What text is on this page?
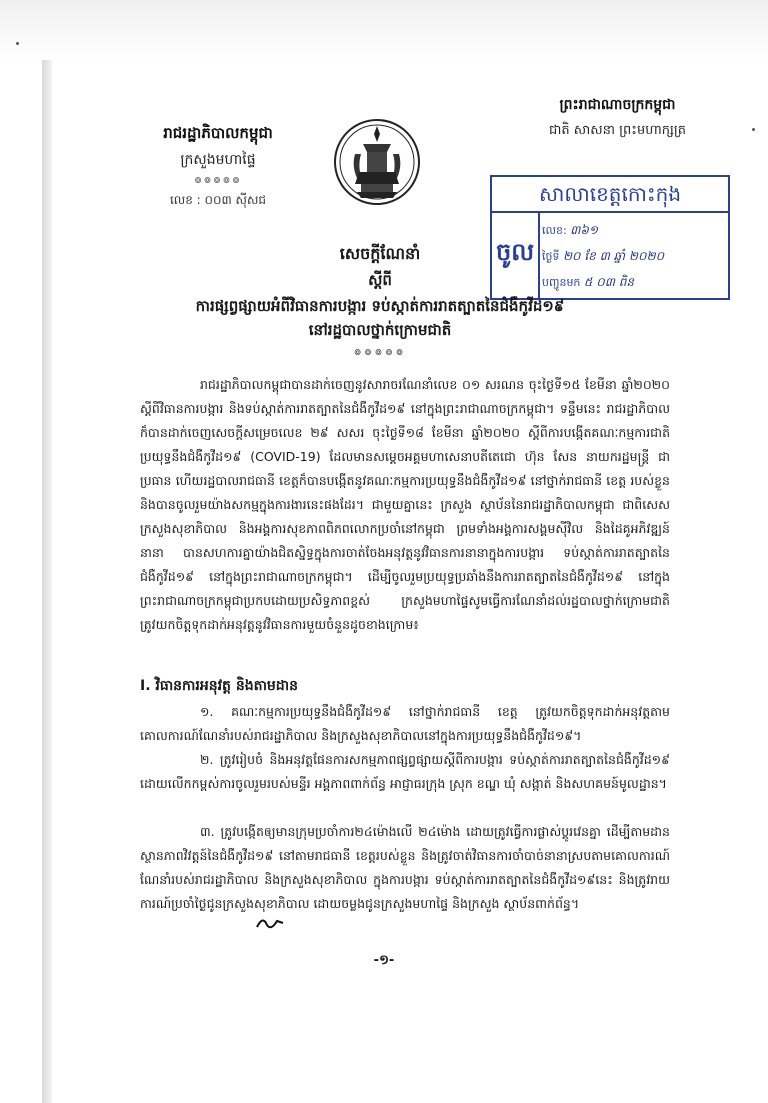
រាជរដ្ឋាភិបាលកម្ពុជា
ក្រសួងមហាផ្ទៃ
៙៙៙៙៙
លេខ : ០០៣ ស៊ីសជ
ព្រះរាជាណាចក្រកម្ពុជា
ជាតិ សាសនា ព្រះមហាក្សត្រ
សាលាខេត្តកោះកុង
ចូល
លេខ: ៣៦១
ថ្ងៃទី ២០ ខែ ៣ ឆ្នាំ ២០២០
បញ្ជូនមក ៥ ០៣ ពិន
សេចក្តីណែនាំ
ស្តីពី
ការផ្សព្វផ្សាយអំពីវិធានការបង្ការ ទប់ស្កាត់ការរាតត្បាតនៃជំងឺកូវីដ១៩
នៅរដ្ឋបាលថ្នាក់ក្រោមជាតិ
៙៙៙៙៙
រាជរដ្ឋាភិបាលកម្ពុជាបានដាក់ចេញនូវសារាចរណែនាំលេខ ០១ សរណន ចុះថ្ងៃទី១៥ ខែមីនា ឆ្នាំ២០២០ ស្តីពីវិធានការបង្ការ និងទប់ស្កាត់ការរាតត្បាតនៃជំងឺកូវីដ១៩ នៅក្នុងព្រះរាជាណាចក្រកម្ពុជា។ ទន្ទឹមនេះ រាជរដ្ឋាភិបាលក៏បានដាក់ចេញសេចក្តីសម្រេចលេខ ២៩ សសរ ចុះថ្ងៃទី១៨ ខែមីនា ឆ្នាំ២០២០ ស្តីពីការបង្កើតគណៈកម្មការជាតិប្រយុទ្ធនឹងជំងឺកូវីដ១៩ (COVID-19) ដែលមានសម្តេចអគ្គមហាសេនាបតីតេជោ ហ៊ុន សែន នាយករដ្ឋមន្ត្រី ជាប្រធាន ហើយរដ្ឋបាលរាជធានី ខេត្តក៏បានបង្កើតនូវគណៈកម្មការប្រយុទ្ធនឹងជំងឺកូវីដ១៩ នៅថ្នាក់រាជធានី ខេត្ត របស់ខ្លួន និងបានចូលរួមយ៉ាងសកម្មក្នុងការងារនេះផងដែរ។ ជាមួយគ្នានេះ ក្រសួង ស្ថាប័ននៃរាជរដ្ឋាភិបាលកម្ពុជា ជាពិសេសក្រសួងសុខាភិបាល និងអង្គការសុខភាពពិភពលោកប្រចាំនៅកម្ពុជា ព្រមទាំងអង្គការសង្គមស៊ីវិល និងដៃគូអភិវឌ្ឍន៍នានា បានសហការគ្នាយ៉ាងជិតស្និទ្ធក្នុងការចាត់ចែងអនុវត្តនូវវិធានការនានាក្នុងការបង្ការ ទប់ស្កាត់ការរាតត្បាតនៃជំងឺកូវីដ១៩ នៅក្នុងព្រះរាជាណាចក្រកម្ពុជា។ ដើម្បីចូលរួមប្រយុទ្ធប្រឆាំងនឹងការរាតត្បាតនៃជំងឺកូវីដ១៩ នៅក្នុងព្រះរាជាណាចក្រកម្ពុជាប្រកបដោយប្រសិទ្ធភាពខ្ពស់ ក្រសួងមហាផ្ទៃសូមធ្វើការណែនាំដល់រដ្ឋបាលថ្នាក់ក្រោមជាតិត្រូវយកចិត្តទុកដាក់អនុវត្តនូវវិធានការមួយចំនួនដូចខាងក្រោម៖
I. វិធានការអនុវត្ត និងតាមដាន
១. គណៈកម្មការប្រយុទ្ធនឹងជំងឺកូវីដ១៩ នៅថ្នាក់រាជធានី ខេត្ត ត្រូវយកចិត្តទុកដាក់អនុវត្តតាមគោលការណ៍ណែនាំរបស់រាជរដ្ឋាភិបាល និងក្រសួងសុខាភិបាលនៅក្នុងការប្រយុទ្ធនឹងជំងឺកូវីដ១៩។
២. ត្រូវរៀបចំ និងអនុវត្តផែនការសកម្មភាពផ្សព្វផ្សាយស្តីពីការបង្ការ ទប់ស្កាត់ការរាតត្បាតនៃជំងឺកូវីដ១៩ ដោយលើកកម្ពស់ការចូលរួមរបស់មន្ទីរ អង្គភាពពាក់ព័ន្ធ អាជ្ញាធរក្រុង ស្រុក ខណ្ឌ ឃុំ សង្កាត់ និងសហគមន៍មូលដ្ឋាន។
៣. ត្រូវបង្កើតឲ្យមានក្រុមប្រចាំការ២៤ម៉ោងលើ ២៤ម៉ោង ដោយត្រូវធ្វើការផ្លាស់ប្តូរវេនគ្នា ដើម្បីតាមដានស្ថានភាពវិវត្តន៍នៃជំងឺកូវីដ១៩ នៅតាមរាជធានី ខេត្តរបស់ខ្លួន និងត្រូវចាត់វិធានការចាំបាច់នានាស្របតាមគោលការណ៍ណែនាំរបស់រាជរដ្ឋាភិបាល និងក្រសួងសុខាភិបាល ក្នុងការបង្ការ ទប់ស្កាត់ការរាតត្បាតនៃជំងឺកូវីដ១៩នេះ និងត្រូវរាយការណ៍ប្រចាំថ្ងៃជូនក្រសួងសុខាភិបាល ដោយចម្លងជូនក្រសួងមហាផ្ទៃ និងក្រសួង ស្ថាប័នពាក់ព័ន្ធ។
-១-
